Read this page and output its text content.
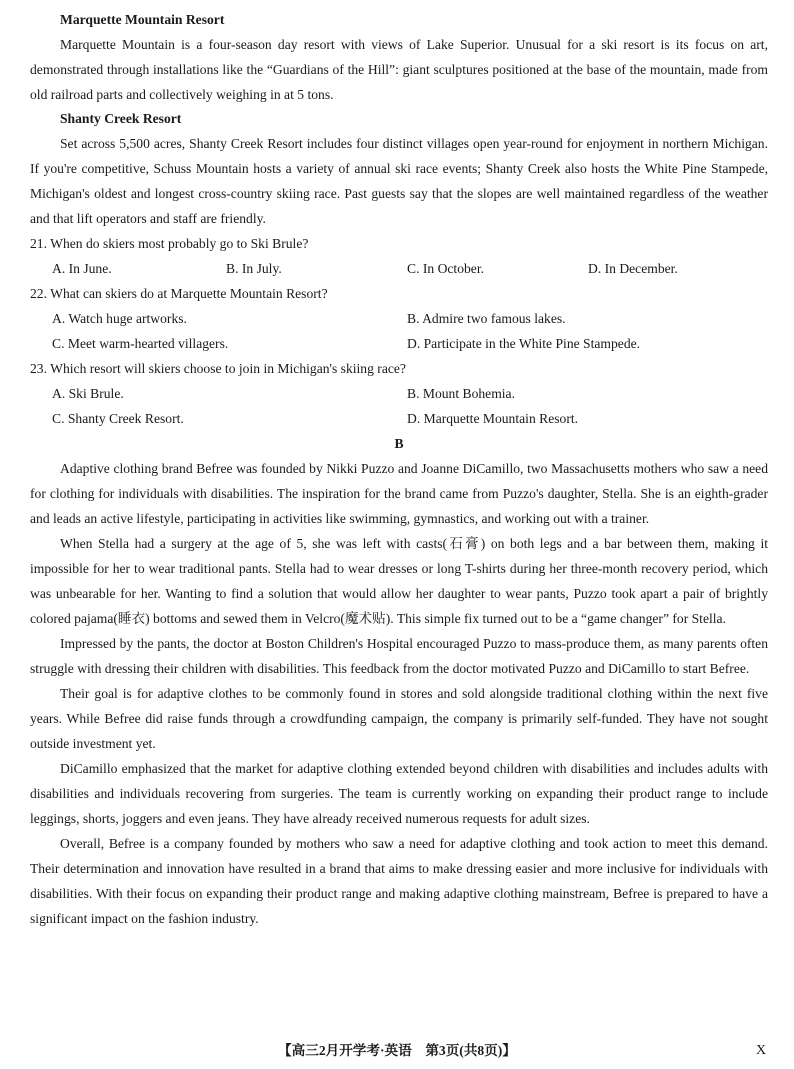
Marquette Mountain Resort

Marquette Mountain is a four-season day resort with views of Lake Superior. Unusual for a ski resort is its focus on art, demonstrated through installations like the “Guardians of the Hill”: giant sculptures positioned at the base of the mountain, made from old railroad parts and collectively weighing in at 5 tons.

Shanty Creek Resort

Set across 5,500 acres, Shanty Creek Resort includes four distinct villages open year-round for enjoyment in northern Michigan. If you're competitive, Schuss Mountain hosts a variety of annual ski race events; Shanty Creek also hosts the White Pine Stampede, Michigan's oldest and longest cross-country skiing race. Past guests say that the slopes are well maintained regardless of the weather and that lift operators and staff are friendly.

21. When do skiers most probably go to Ski Brule?
A. In June.	B. In July.	C. In October.	D. In December.
22. What can skiers do at Marquette Mountain Resort?
A. Watch huge artworks.	B. Admire two famous lakes.
C. Meet warm-hearted villagers.	D. Participate in the White Pine Stampede.
23. Which resort will skiers choose to join in Michigan's skiing race?
A. Ski Brule.	B. Mount Bohemia.
C. Shanty Creek Resort.	D. Marquette Mountain Resort.
B

Adaptive clothing brand Befree was founded by Nikki Puzzo and Joanne DiCamillo, two Massachusetts mothers who saw a need for clothing for individuals with disabilities. The inspiration for the brand came from Puzzo's daughter, Stella. She is an eighth-grader and leads an active lifestyle, participating in activities like swimming, gymnastics, and working out with a trainer.

When Stella had a surgery at the age of 5, she was left with casts(石膏) on both legs and a bar between them, making it impossible for her to wear traditional pants. Stella had to wear dresses or long T-shirts during her three-month recovery period, which was unbearable for her. Wanting to find a solution that would allow her daughter to wear pants, Puzzo took apart a pair of brightly colored pajama(睡衣) bottoms and sewed them in Velcro(魔术贴). This simple fix turned out to be a “game changer” for Stella.

Impressed by the pants, the doctor at Boston Children's Hospital encouraged Puzzo to mass-produce them, as many parents often struggle with dressing their children with disabilities. This feedback from the doctor motivated Puzzo and DiCamillo to start Befree.

Their goal is for adaptive clothes to be commonly found in stores and sold alongside traditional clothing within the next five years. While Befree did raise funds through a crowdfunding campaign, the company is primarily self-funded. They have not sought outside investment yet.

DiCamillo emphasized that the market for adaptive clothing extended beyond children with disabilities and includes adults with disabilities and individuals recovering from surgeries. The team is currently working on expanding their product range to include leggings, shorts, joggers and even jeans. They have already received numerous requests for adult sizes.

Overall, Befree is a company founded by mothers who saw a need for adaptive clothing and took action to meet this demand. Their determination and innovation have resulted in a brand that aims to make dressing easier and more inclusive for individuals with disabilities. With their focus on expanding their product range and making adaptive clothing mainstream, Befree is prepared to have a significant impact on the fashion industry.

【高三2月开学考·英语　第3页(共8页)】	X
